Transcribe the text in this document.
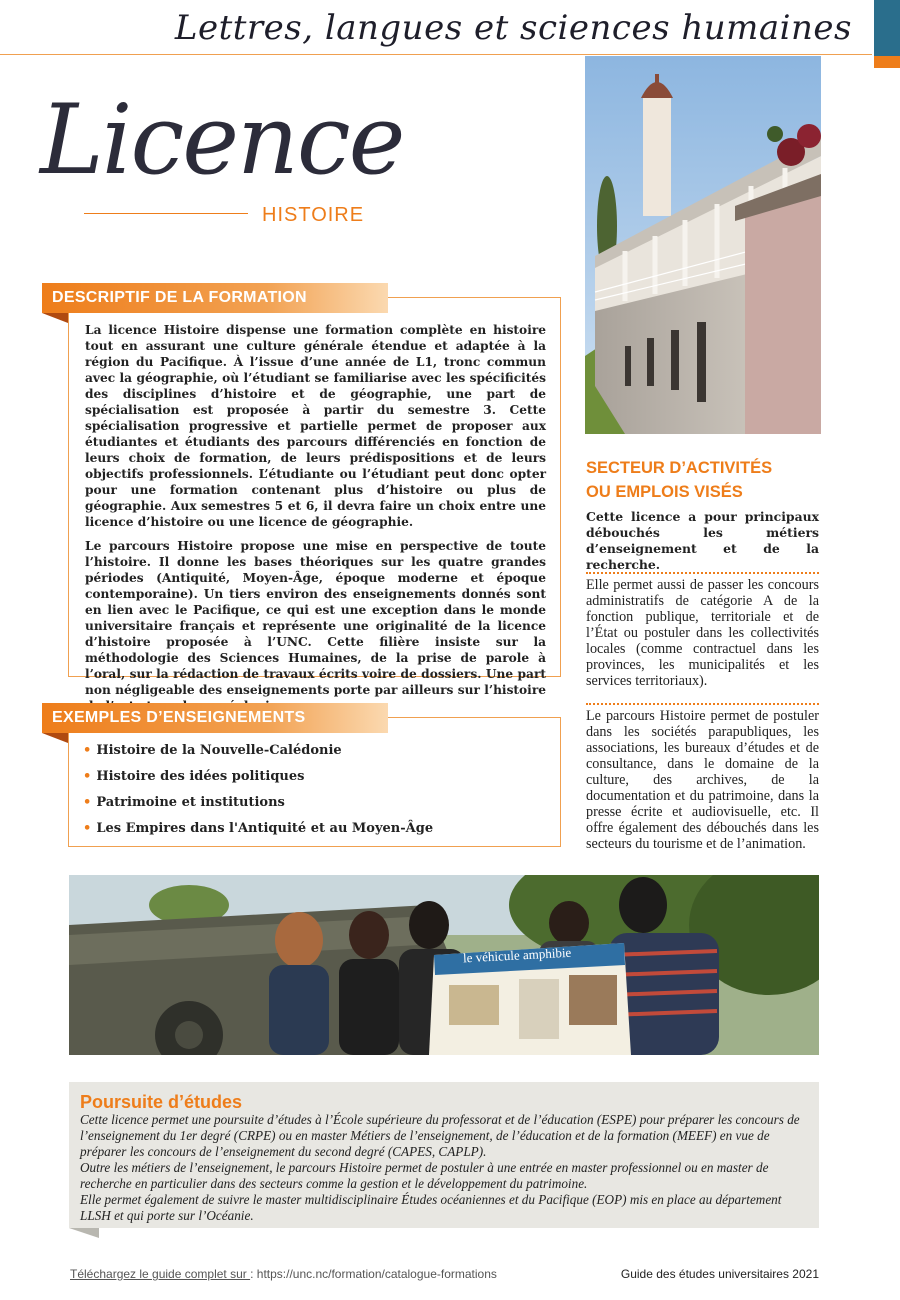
Lettres, langues et sciences humaines
Licence
HISTOIRE

La licence Histoire dispense une formation complète en histoire tout en assurant une culture générale étendue et adaptée à la région du Pacifique. À l’issue d’une année de L1, tronc commun avec la géographie, où l’étudiant se familiarise avec les spécificités des disciplines d’histoire et de géographie, une part de spécialisation est proposée à partir du semestre 3. Cette spécialisation progressive et partielle permet de proposer aux étudiantes et étudiants des parcours différenciés en fonction de leurs choix de formation, de leurs prédispositions et de leurs objectifs professionnels. L’étudiante ou l’étudiant peut donc opter pour une formation contenant plus d’histoire ou plus de géographie. Aux semestres 5 et 6, il devra faire un choix entre une licence d’histoire ou une licence de géographie.

Le parcours Histoire propose une mise en perspective de toute l’histoire. Il donne les bases théoriques sur les quatre grandes périodes (Antiquité, Moyen-Âge, époque moderne et époque contemporaine). Un tiers environ des enseignements donnés sont en lien avec le Pacifique, ce qui est une exception dans le monde universitaire français et représente une originalité de la licence d’histoire proposée à l’UNC. Cette filière insiste sur la méthodologie des Sciences Humaines, de la prise de parole à l’oral, sur la rédaction de travaux écrits voire de dossiers. Une part non négligeable des enseignements porte par ailleurs sur l’histoire

DESCRIPTIF DE LA FORMATION
• Histoire de la Nouvelle-Calédonie
• Histoire des idées politiques
• Patrimoine et institutions
• Les Empires dans l'Antiquité et au Moyen-Âge
EXEMPLES D’ENSEIGNEMENTS
SECTEUR D’ACTIVITÉS
OU EMPLOIS VISÉS
Cette licence a pour principaux débouchés les métiers d’enseignement et de la recherche.
Elle permet aussi de passer les concours administratifs de catégorie A de la fonction publique, territoriale et de l’État ou postuler dans les collectivités locales (comme contractuel dans les provinces, les municipalités et les services territoriaux).
Le parcours Histoire permet de postuler dans les sociétés parapubliques, les associations, les bureaux d’études et de consultance, dans le domaine de la culture, des archives, de la documentation et du patrimoine, dans la presse écrite et audiovisuelle, etc. Il offre également des débouchés dans les secteurs du tourisme et de l’animation.
le véhicule amphibie
Poursuite d’études

Cette licence permet une poursuite d’études à l’École supérieure du professorat et de l’éducation (ESPE) pour préparer les concours de l’enseignement du 1er degré (CRPE) ou en master Métiers de l’enseignement, de l’éducation et de la formation (MEEF) en vue de préparer les concours de l’enseignement du second degré (CAPES, CAPLP).

Outre les métiers de l’enseignement, le parcours Histoire permet de postuler à une entrée en master professionnel ou en master de recherche en particulier dans des secteurs comme la gestion et le développement du patrimoine.

Elle permet également de suivre le master multidisciplinaire Études océaniennes et du Pacifique (EOP) mis en place au département LLSH et qui porte sur l’Océanie.

Téléchargez le guide complet sur : https://unc.nc/formation/catalogue-formations	Guide des études universitaires 2021
